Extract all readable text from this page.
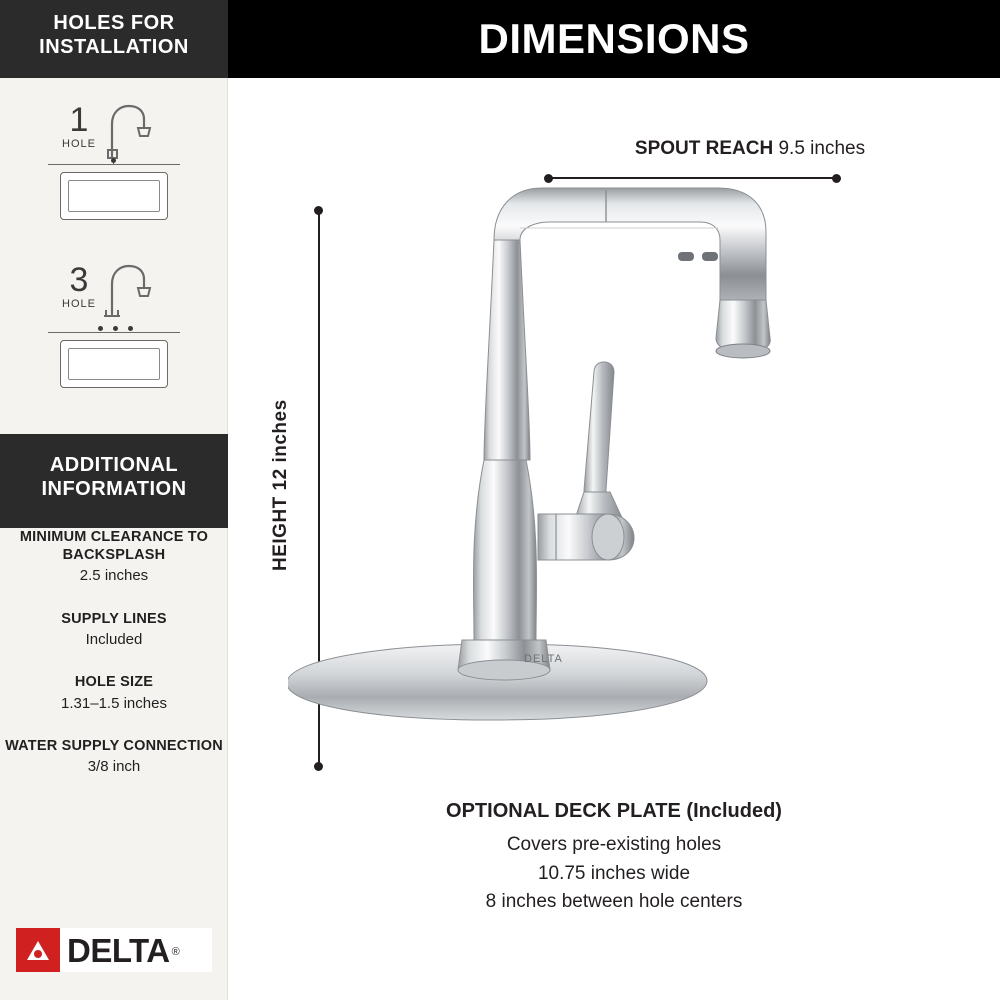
HOLES FOR
INSTALLATION
1
HOLE
3
HOLE
ADDITIONAL
INFORMATION
MINIMUM CLEARANCE TO BACKSPLASH
2.5 inches
SUPPLY LINES
Included
HOLE SIZE
1.31–1.5 inches
WATER SUPPLY CONNECTION
3/8 inch
DELTA ®
DIMENSIONS
SPOUT REACH 9.5 inches
HEIGHT 12 inches
DELTA
OPTIONAL DECK PLATE (Included)
Covers pre-existing holes
10.75 inches wide
8 inches between hole centers
